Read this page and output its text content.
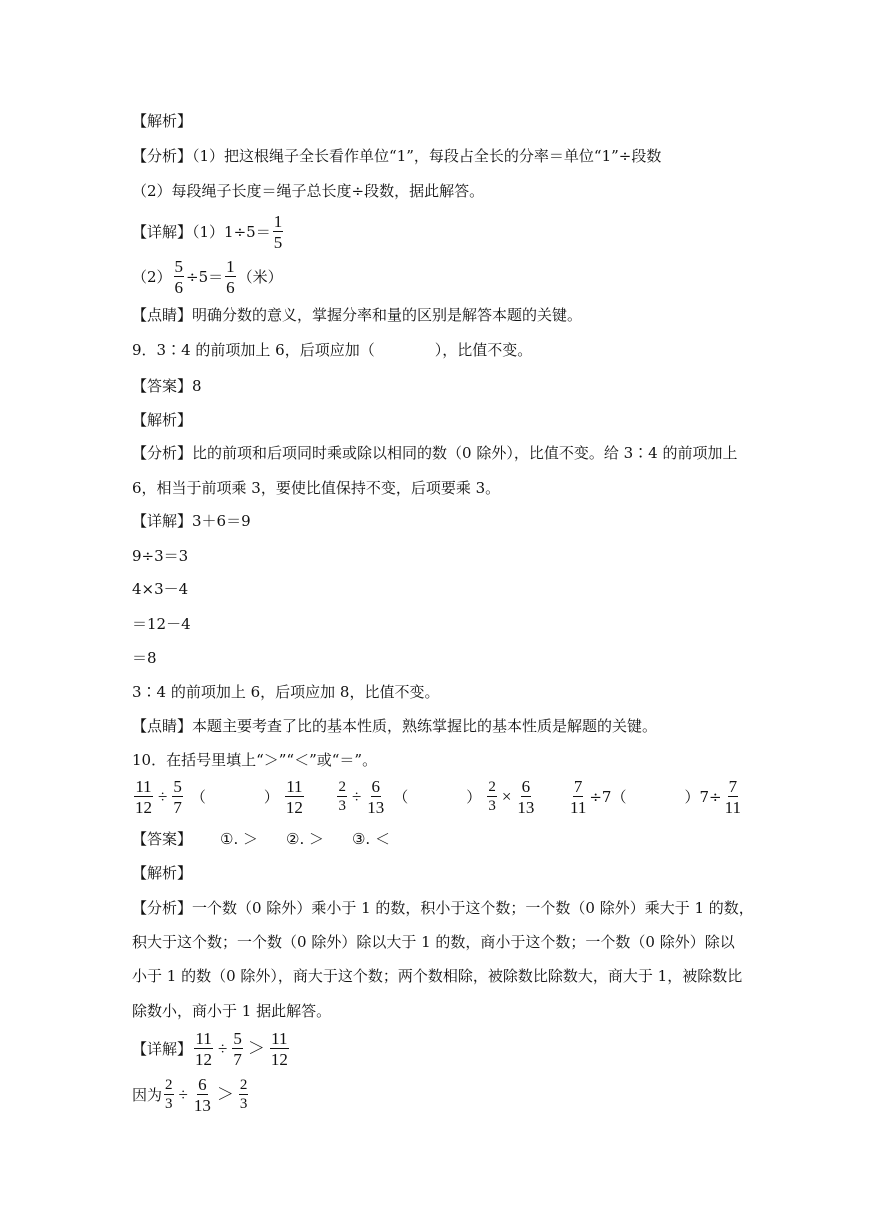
【解析】
【分析】（1）把这根绳子全长看作单位“1”，每段占全长的分率＝单位“1”÷段数
（2）每段绳子长度＝绳子总长度÷段数，据此解答。
【详解】$(1)1\div 5= \frac{1}{5}$
$(2) \frac{5}{6} \div 5= \frac{1}{6}$ （米）
【点睛】明确分数的意义，掌握分率和量的区别是解答本题的关键。
9．3∶4 的前项加上 6，后项应加（　　　　），比值不变。
【答案】8
【解析】
【分析】比的前项和后项同时乘或除以相同的数（0 除外），比值不变。给 3∶4 的前项加上
6，相当于前项乘 3，要使比值保持不变，后项要乘 3。
【详解】3＋6＝9
9÷3＝3
4×3－4
＝12－4
＝8
3∶4 的前项加上 6，后项应加 8，比值不变。
【点睛】本题主要考查了比的基本性质，熟练掌握比的基本性质是解题的关键。
10．在括号里填上“＞”“＜”或“＝”。
$\frac{11}{12} \div \frac{5}{7}$ （	） $\frac{11}{12}$
$\frac{2}{3} \div \frac{6}{13}$ （	） $\frac{2}{3} \times \frac{6}{13}$
$\frac{7}{11} \div 7$（	）$7\div \frac{7}{11}$
【答案】 ①. ＞ ②. ＞ ③. ＜
【解析】
【分析】一个数（0 除外）乘小于 1 的数，积小于这个数；一个数（0 除外）乘大于 1 的数，
积大于这个数；一个数（0 除外）除以大于 1 的数，商小于这个数；一个数（0 除外）除以
小于 1 的数（0 除外），商大于这个数；两个数相除，被除数比除数大，商大于 1，被除数比
除数小，商小于 1 据此解答。
【详解】 $\frac{11}{12} \div \frac{5}{7} > \frac{11}{12}$
因为 $\frac{2}{3} \div \frac{6}{13} > \frac{2}{3}$
